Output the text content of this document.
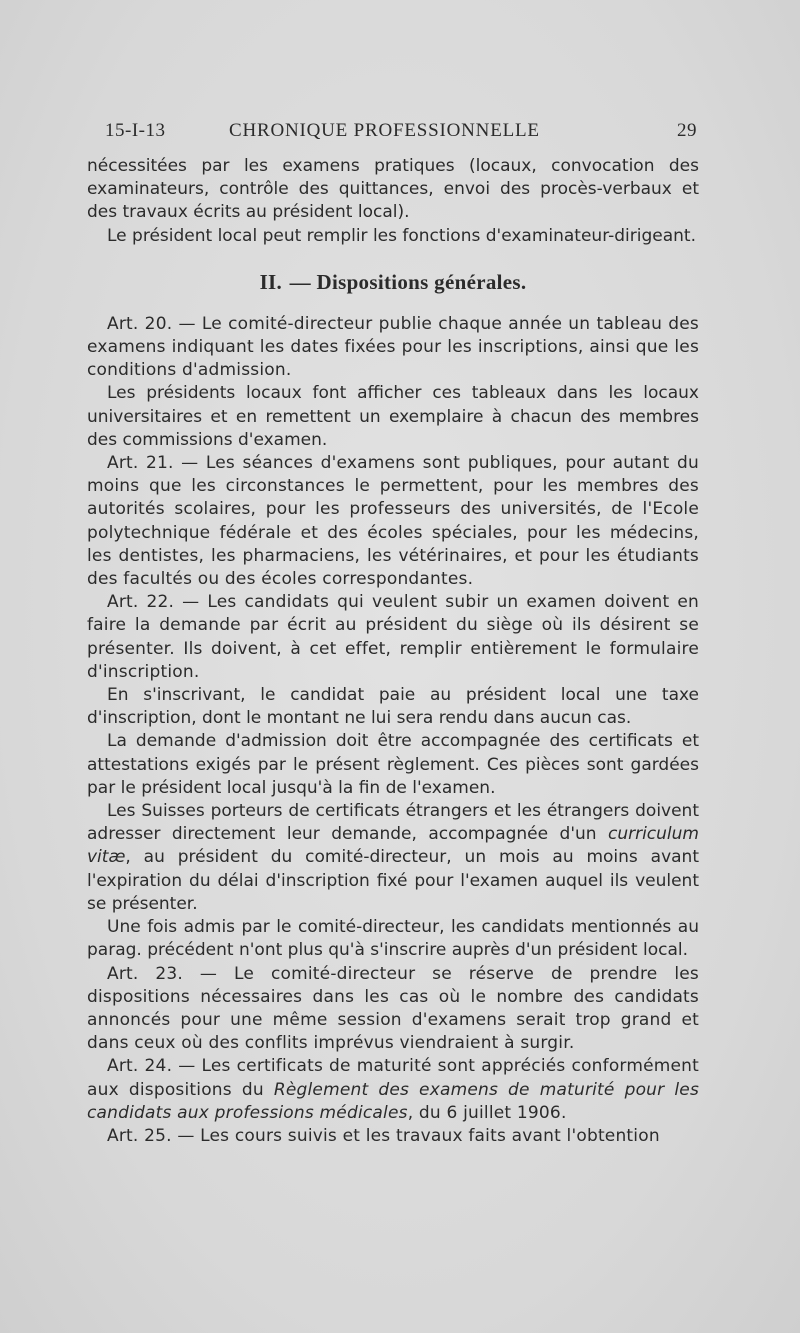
15-I-13	CHRONIQUE PROFESSIONNELLE	29

nécessitées par les examens pratiques (locaux, convocation des examinateurs, contrôle des quittances, envoi des procès-verbaux et des travaux écrits au président local).

Le président local peut remplir les fonctions d'examinateur-dirigeant.

II. — Dispositions générales.

Art. 20. — Le comité-directeur publie chaque année un tableau des examens indiquant les dates fixées pour les inscriptions, ainsi que les conditions d'admission.

Les présidents locaux font afficher ces tableaux dans les locaux universitaires et en remettent un exemplaire à chacun des membres des commissions d'examen.

Art. 21. — Les séances d'examens sont publiques, pour autant du moins que les circonstances le permettent, pour les membres des autorités scolaires, pour les professeurs des universités, de l'Ecole polytechnique fédérale et des écoles spéciales, pour les médecins, les dentistes, les pharmaciens, les vétérinaires, et pour les étudiants des facultés ou des écoles correspondantes.

Art. 22. — Les candidats qui veulent subir un examen doivent en faire la demande par écrit au président du siège où ils désirent se présenter. Ils doivent, à cet effet, remplir entièrement le formulaire d'inscription.

En s'inscrivant, le candidat paie au président local une taxe d'inscription, dont le montant ne lui sera rendu dans aucun cas.

La demande d'admission doit être accompagnée des certificats et attestations exigés par le présent règlement. Ces pièces sont gardées par le président local jusqu'à la fin de l'examen.

Les Suisses porteurs de certificats étrangers et les étrangers doivent adresser directement leur demande, accompagnée d'un curriculum vitæ, au président du comité-directeur, un mois au moins avant l'expiration du délai d'inscription fixé pour l'examen auquel ils veulent se présenter.

Une fois admis par le comité-directeur, les candidats mentionnés au parag. précédent n'ont plus qu'à s'inscrire auprès d'un président local.

Art. 23. — Le comité-directeur se réserve de prendre les dispositions nécessaires dans les cas où le nombre des candidats annoncés pour une même session d'examens serait trop grand et dans ceux où des conflits imprévus viendraient à surgir.

Art. 24. — Les certificats de maturité sont appréciés conformément aux dispositions du Règlement des examens de maturité pour les candidats aux professions médicales, du 6 juillet 1906.

Art. 25. — Les cours suivis et les travaux faits avant l'obtention
